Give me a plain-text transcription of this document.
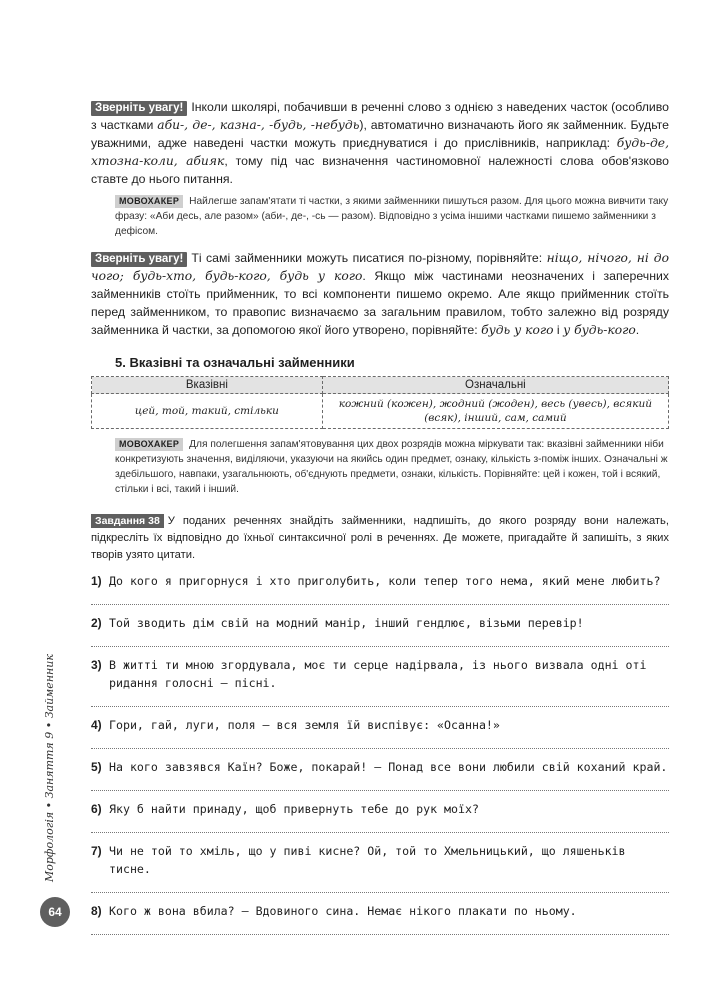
Зверніть увагу! Інколи школярі, побачивши в реченні слово з однією з наведених часток (особливо з частками аби-, де-, казна-, -будь, -небудь), автоматично визначають його як займенник. Будьте уважними, адже наведені частки можуть приєднуватися і до прислівників, наприклад: будь-де, хтозна-коли, абияк, тому під час визначення частиномовної належності слова обов'язково ставте до нього питання.

МОВОХАКЕР Найлегше запам'ятати ті частки, з якими займенники пишуться разом. Для цього можна вивчити таку фразу: «Аби десь, але разом» (аби-, де-, -сь — разом). Відповідно з усіма іншими частками пишемо займенники з дефісом.

Зверніть увагу! Ті самі займенники можуть писатися по-різному, порівняйте: ніщо, нічого, ні до чого; будь-хто, будь-кого, будь у кого. Якщо між частинами неозначених і заперечних займенників стоїть прийменник, то всі компоненти пишемо окремо. Але якщо прийменник стоїть перед займенником, то правопис визначаємо за загальним правилом, тобто залежно від розряду займенника й частки, за допомогою якої його утворено, порівняйте: будь у кого і у будь-кого.

5. Вказівні та означальні займенники
Вказівні	Означальні
цей, той, такий, стільки	кожний (кожен), жодний (жоден), весь (увесь), всякий (всяк), інший, сам, самий
МОВОХАКЕР Для полегшення запам'ятовування цих двох розрядів можна міркувати так: вказівні займенники ніби конкретизують значення, виділяючи, указуючи на якийсь один предмет, ознаку, кількість з-поміж інших. Означальні ж здебільшого, навпаки, узагальнюють, об'єднують предмети, ознаки, кількість. Порівняйте: цей і кожен, той і всякий, стільки і всі, такий і інший.
Завдання 38 У поданих реченнях знайдіть займенники, надпишіть, до якого розряду вони належать, підкресліть їх відповідно до їхньої синтаксичної ролі в реченнях. Де можете, пригадайте й запишіть, з яких творів узято цитати.
1) До кого я пригорнуся і хто приголубить, коли тепер того нема, який мене любить?
2) Той зводить дім свій на модний манір, інший гендлює, візьми перевір!
3) В житті ти мною згордувала, моє ти серце надірвала, із нього визвала одні оті ридання голосні — пісні.
4) Гори, гай, луги, поля — вся земля їй виспівує: «Осанна!»
5) На кого завзявся Каїн? Боже, покарай! — Понад все вони любили свій коханий край.
6) Яку б найти принаду, щоб привернуть тебе до рук моїх?
7) Чи не той то хміль, що у пиві кисне? Ой, той то Хмельницький, що ляшеньків тисне.
8) Кого ж вона вбила? — Вдовиного сина. Немає нікого плакати по ньому.
Морфологія • Заняття 9 • Займенник
64
